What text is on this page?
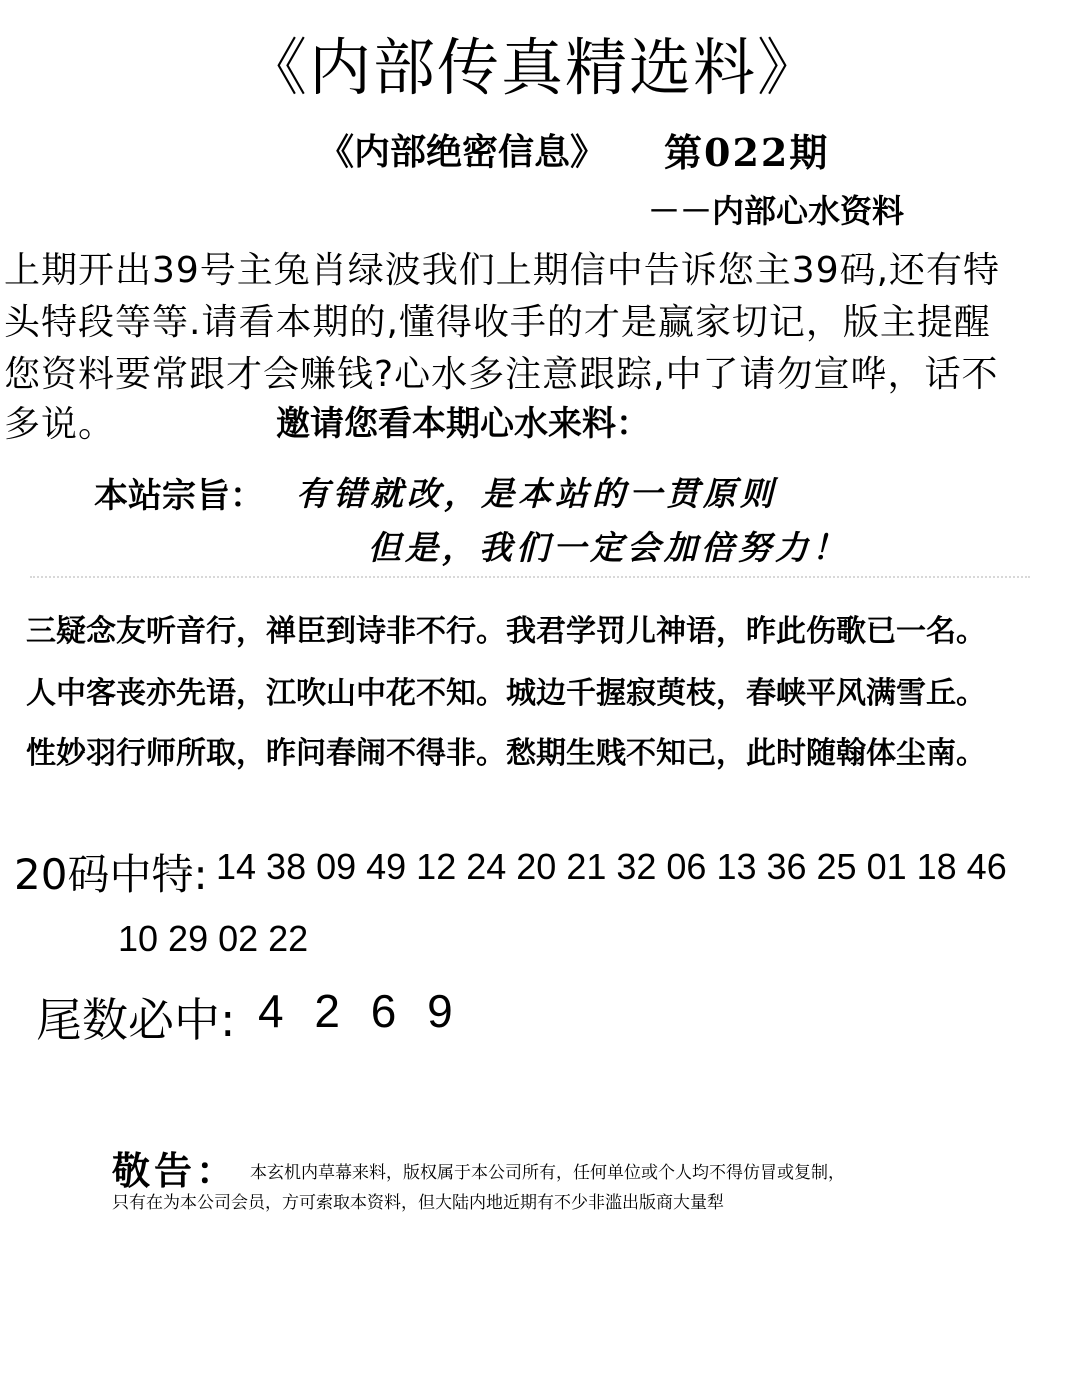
《内部传真精选料》
《内部绝密信息》 第022期
－－内部心水资料
上期开出39号主兔肖绿波我们上期信中告诉您主39码,还有特
头特段等等.请看本期的,懂得收手的才是赢家切记，版主提醒
您资料要常跟才会赚钱?心水多注意跟踪,中了请勿宣哗，话不
多说。	邀请您看本期心水来料：
本站宗旨： 有错就改，是本站的一贯原则
但是，我们一定会加倍努力！
三疑念友听音行，禅臣到诗非不行。我君学罚儿神语，昨此伤歌已一名。
人中客丧亦先语，江吹山中花不知。城边千握寂萸枝，春峡平风满雪丘。
性妙羽行师所取，昨问春闹不得非。愁期生贱不知己，此时随翰体尘南。
20码中特: 14 38 09 49 12 24 20 21 32 06 13 36 25 01 18 46
10 29 02 22
尾数必中: 4 2 6 9
敬告： 本玄机内草幕来料，版权属于本公司所有，任何单位或个人均不得仿冒或复制，
只有在为本公司会员，方可索取本资料，但大陆内地近期有不少非滥出版商大量犁
